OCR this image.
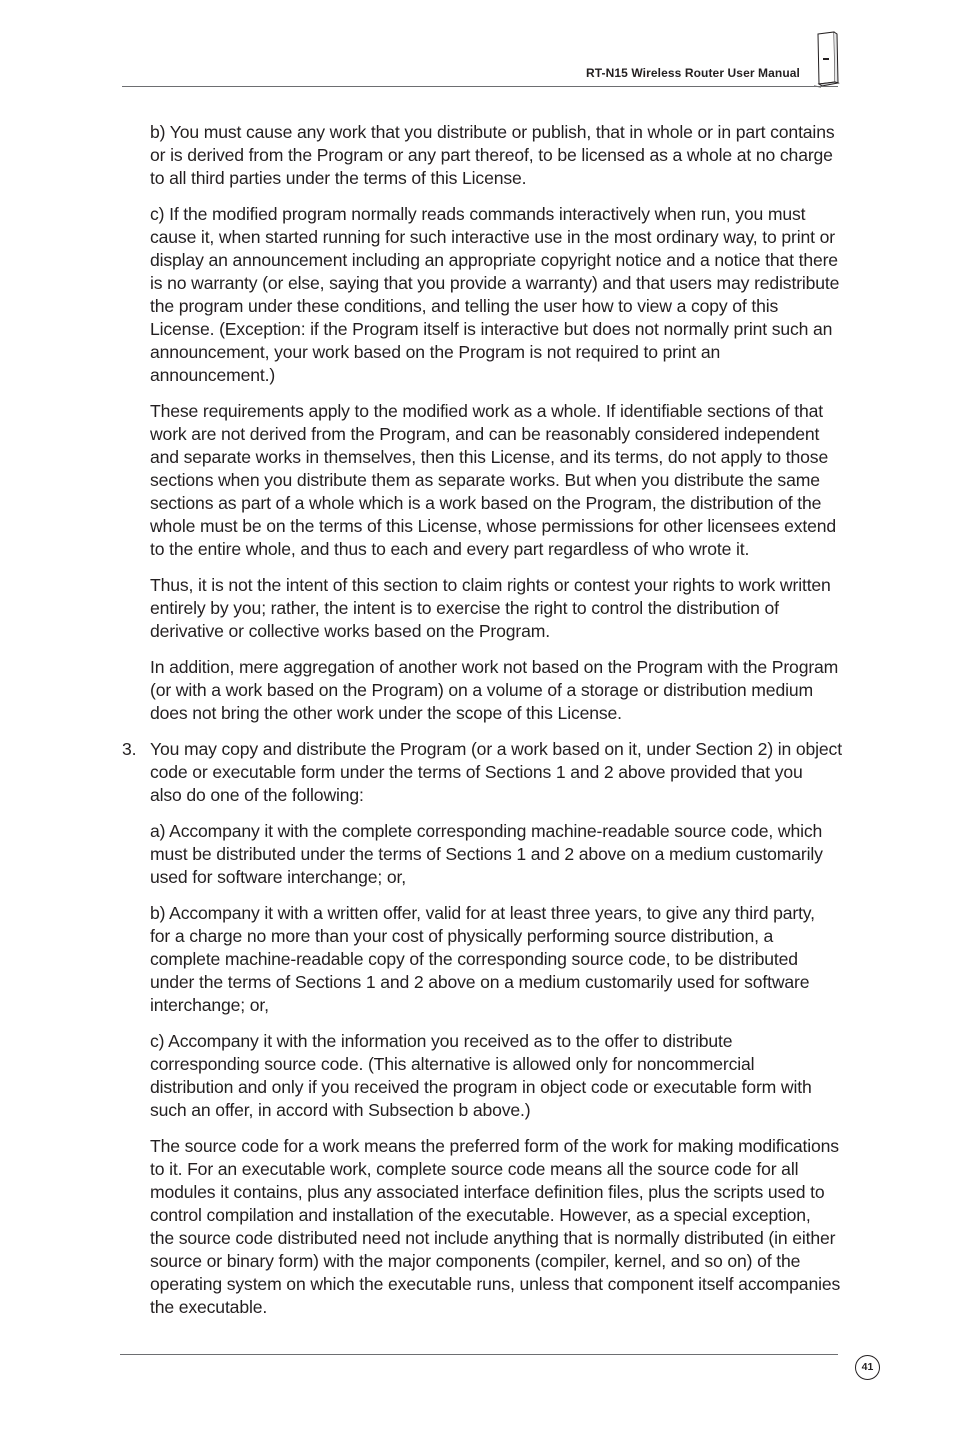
RT-N15 Wireless Router User Manual

b) You must cause any work that you distribute or publish, that in whole or in part contains
or is derived from the Program or any part thereof, to be licensed as a whole at no charge
to all third parties under the terms of this License.

c) If the modified program normally reads commands interactively when run, you must
cause it, when started running for such interactive use in the most ordinary way, to print or
display an announcement including an appropriate copyright notice and a notice that there
is no warranty (or else, saying that you provide a warranty) and that users may redistribute
the program under these conditions, and telling the user how to view a copy of this
License. (Exception: if the Program itself is interactive but does not normally print such an
announcement, your work based on the Program is not required to print an announcement.)

These requirements apply to the modified work as a whole. If identifiable sections of that
work are not derived from the Program, and can be reasonably considered independent
and separate works in themselves, then this License, and its terms, do not apply to those
sections when you distribute them as separate works. But when you distribute the same
sections as part of a whole which is a work based on the Program, the distribution of the
whole must be on the terms of this License, whose permissions for other licensees extend
to the entire whole, and thus to each and every part regardless of who wrote it.

Thus, it is not the intent of this section to claim rights or contest your rights to work written
entirely by you; rather, the intent is to exercise the right to control the distribution of
derivative or collective works based on the Program.

In addition, mere aggregation of another work not based on the Program with the Program
(or with a work based on the Program) on a volume of a storage or distribution medium
does not bring the other work under the scope of this License.

3. You may copy and distribute the Program (or a work based on it, under Section 2) in object
code or executable form under the terms of Sections 1 and 2 above provided that you
also do one of the following:

a) Accompany it with the complete corresponding machine-readable source code, which
must be distributed under the terms of Sections 1 and 2 above on a medium customarily
used for software interchange; or,

b) Accompany it with a written offer, valid for at least three years, to give any third party,
for a charge no more than your cost of physically performing source distribution, a
complete machine-readable copy of the corresponding source code, to be distributed
under the terms of Sections 1 and 2 above on a medium customarily used for software
interchange; or,

c) Accompany it with the information you received as to the offer to distribute
corresponding source code. (This alternative is allowed only for noncommercial
distribution and only if you received the program in object code or executable form with
such an offer, in accord with Subsection b above.)

The source code for a work means the preferred form of the work for making modifications
to it. For an executable work, complete source code means all the source code for all
modules it contains, plus any associated interface definition files, plus the scripts used to
control compilation and installation of the executable. However, as a special exception,
the source code distributed need not include anything that is normally distributed (in either
source or binary form) with the major components (compiler, kernel, and so on) of the
operating system on which the executable runs, unless that component itself accompanies
the executable.

41
